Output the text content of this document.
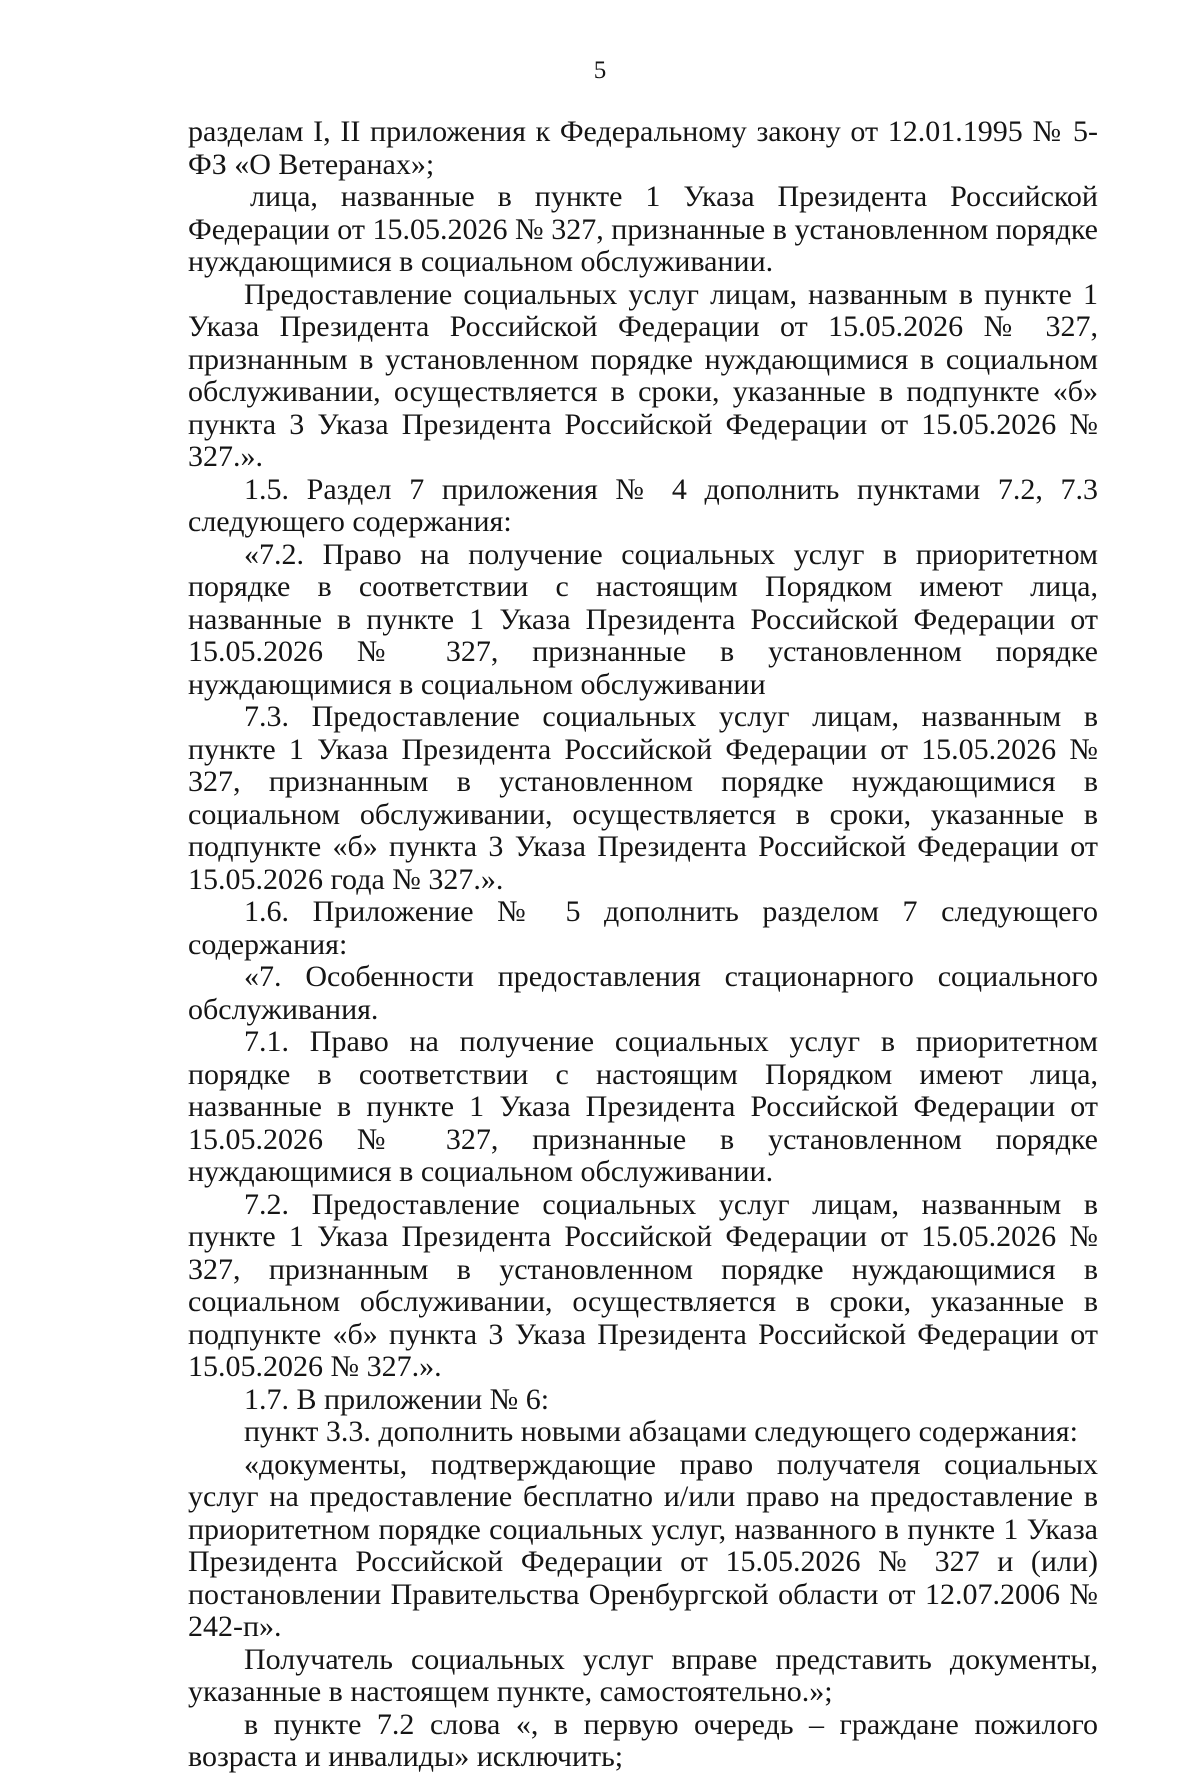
5

разделам I, II приложения к Федеральному закону от 12.01.1995 № 5-ФЗ «О Ветеранах»;

лица, названные в пункте 1 Указа Президента Российской Федерации от 15.05.2026 № 327, признанные в установленном порядке нуждающимися в социальном обслуживании.

Предоставление социальных услуг лицам, названным в пункте 1 Указа Президента Российской Федерации от 15.05.2026 № 327, признанным в установленном порядке нуждающимися в социальном обслуживании, осуществляется в сроки, указанные в подпункте «б» пункта 3 Указа Президента Российской Федерации от 15.05.2026 № 327.».

1.5. Раздел 7 приложения № 4 дополнить пунктами 7.2, 7.3 следующего содержания:

«7.2. Право на получение социальных услуг в приоритетном порядке в соответствии с настоящим Порядком имеют лица, названные в пункте 1 Указа Президента Российской Федерации от 15.05.2026 № 327, признанные в установленном порядке нуждающимися в социальном обслуживании

7.3. Предоставление социальных услуг лицам, названным в пункте 1 Указа Президента Российской Федерации от 15.05.2026 № 327, признанным в установленном порядке нуждающимися в социальном обслуживании, осуществляется в сроки, указанные в подпункте «б» пункта 3 Указа Президента Российской Федерации от 15.05.2026 года № 327.».

1.6. Приложение № 5 дополнить разделом 7 следующего содержания:

«7. Особенности предоставления стационарного социального обслуживания.

7.1. Право на получение социальных услуг в приоритетном порядке в соответствии с настоящим Порядком имеют лица, названные в пункте 1 Указа Президента Российской Федерации от 15.05.2026 № 327, признанные в установленном порядке нуждающимися в социальном обслуживании.

7.2. Предоставление социальных услуг лицам, названным в пункте 1 Указа Президента Российской Федерации от 15.05.2026 № 327, признанным в установленном порядке нуждающимися в социальном обслуживании, осуществляется в сроки, указанные в подпункте «б» пункта 3 Указа Президента Российской Федерации от 15.05.2026 № 327.».

1.7. В приложении № 6:

пункт 3.3. дополнить новыми абзацами следующего содержания:

«документы, подтверждающие право получателя социальных услуг на предоставление бесплатно и/или право на предоставление в приоритетном порядке социальных услуг, названного в пункте 1 Указа Президента Российской Федерации от 15.05.2026 № 327 и (или) постановлении Правительства Оренбургской области от 12.07.2006 № 242-п».

Получатель социальных услуг вправе представить документы, указанные в настоящем пункте, самостоятельно.»;

в пункте 7.2 слова «, в первую очередь – граждане пожилого возраста и инвалиды» исключить;
